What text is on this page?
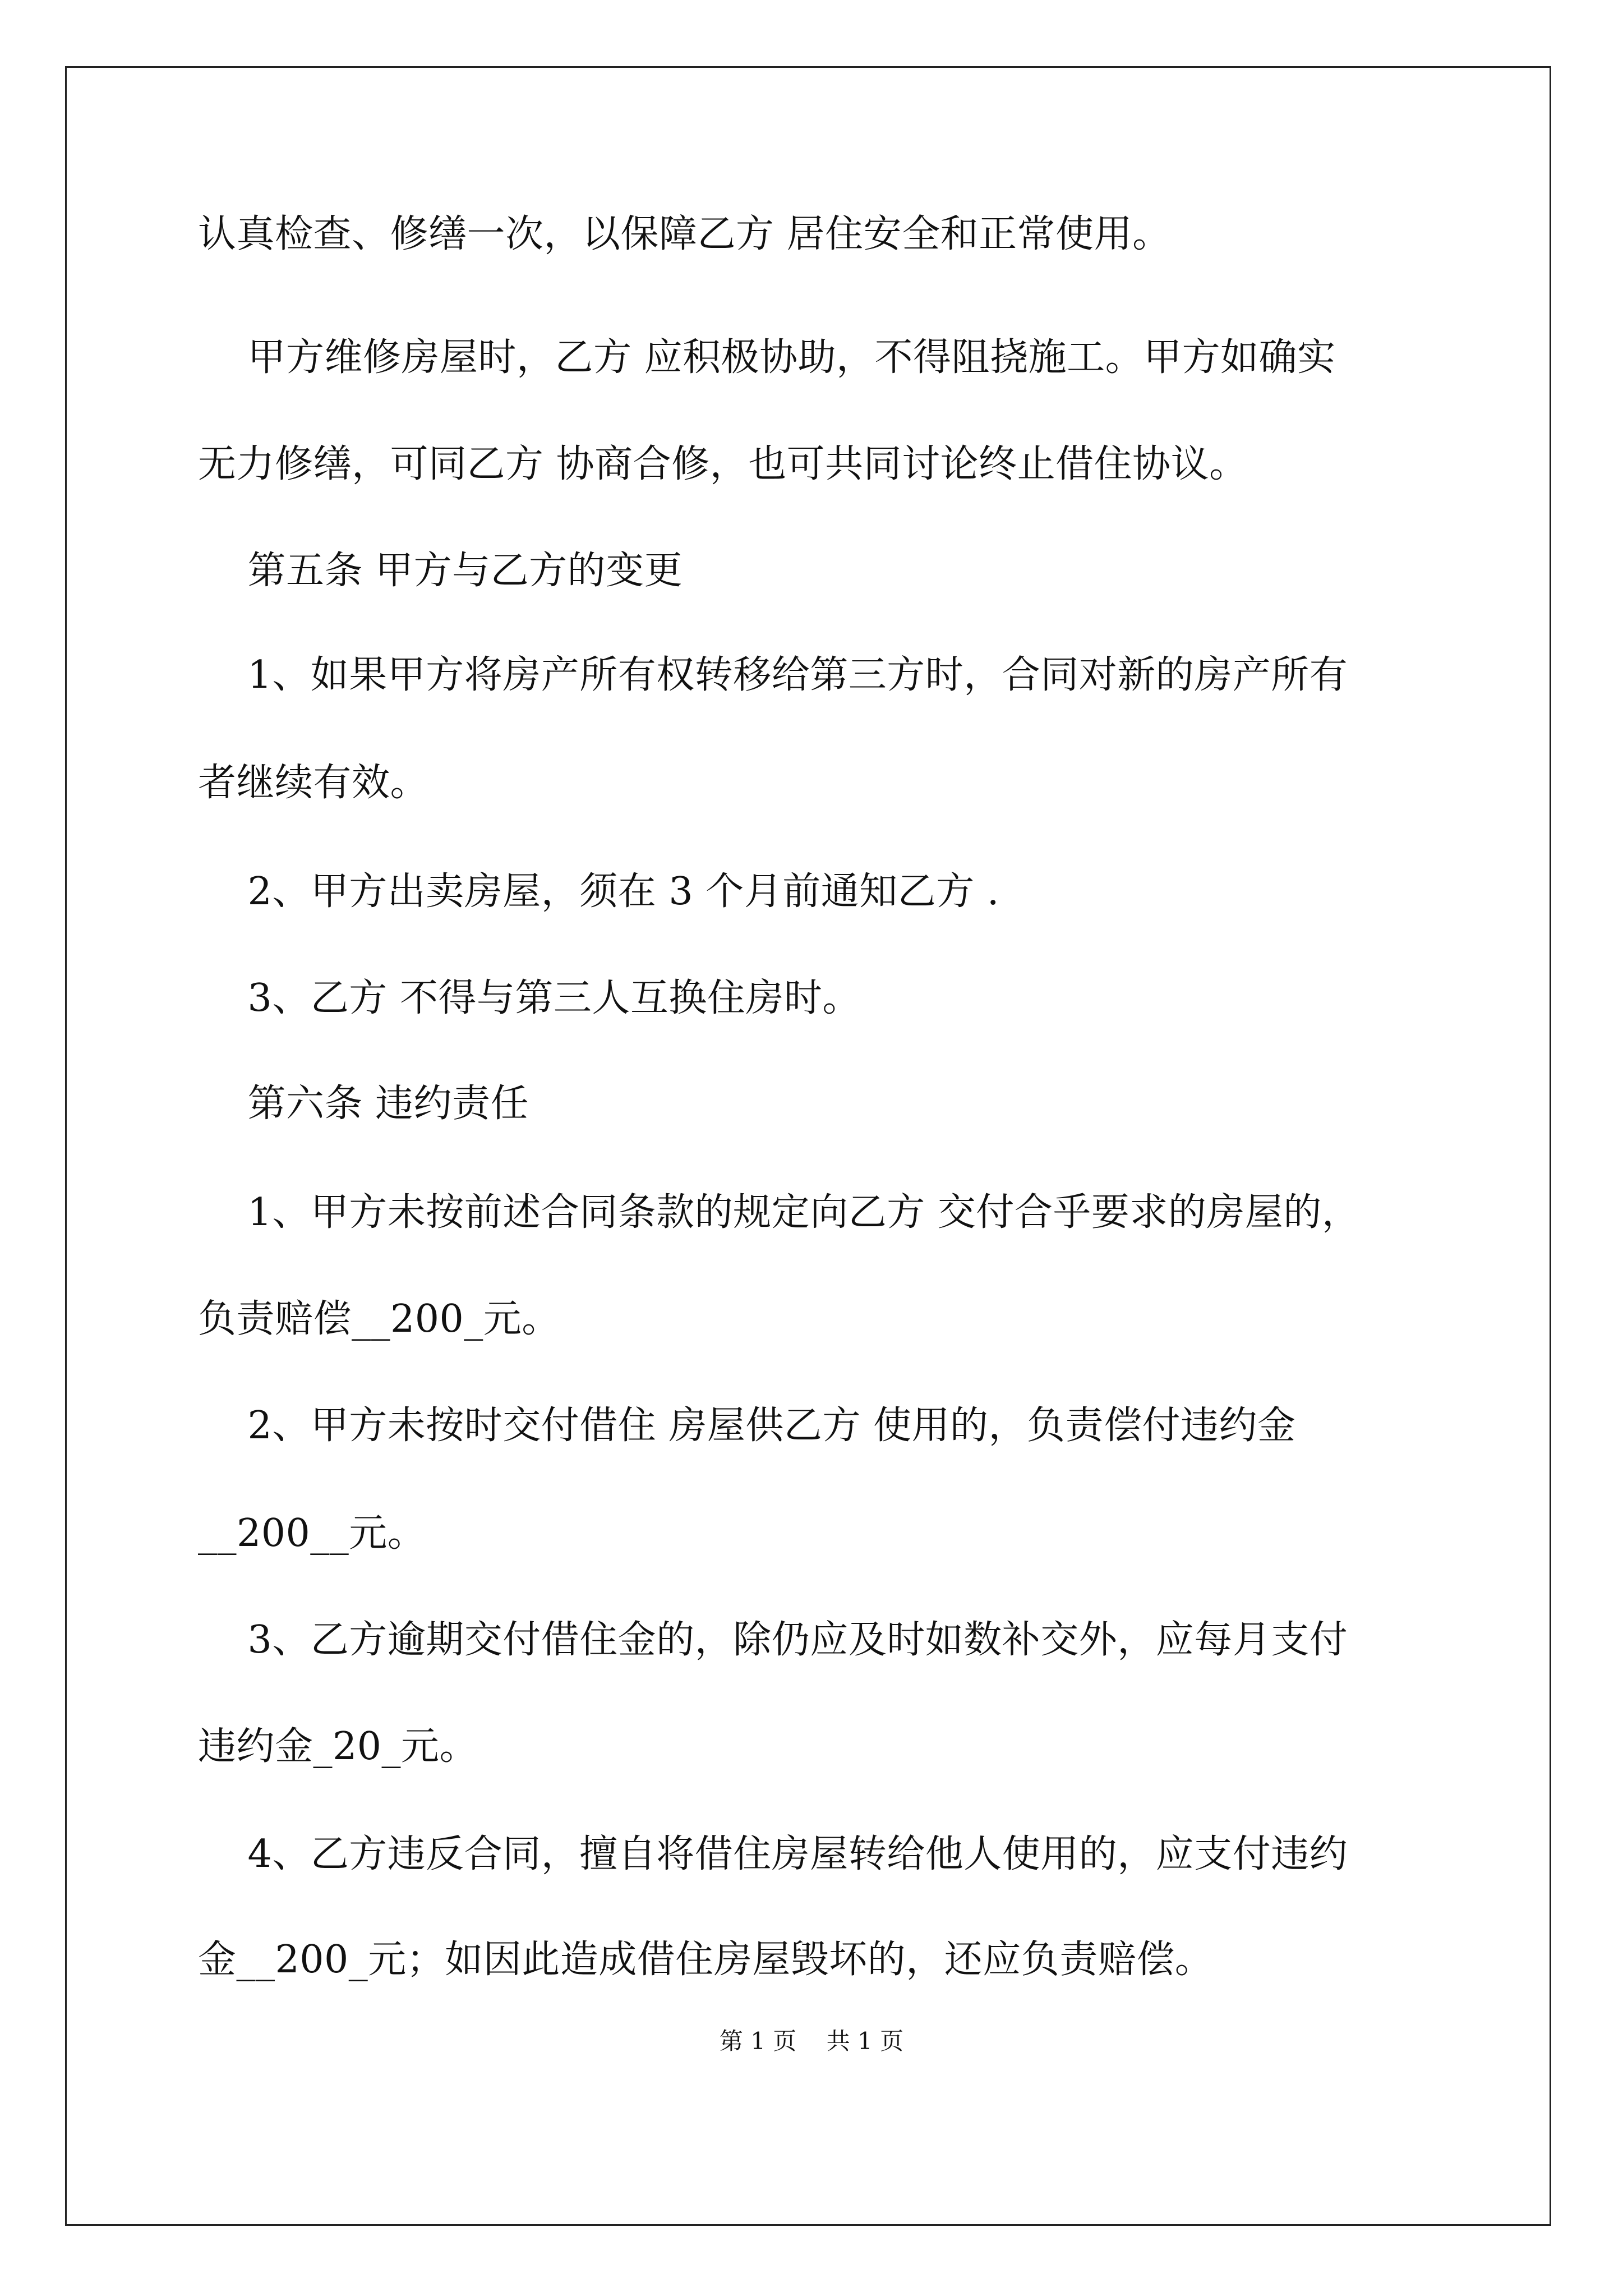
认真检查、修缮一次，以保障乙方 居住安全和正常使用。
甲方维修房屋时，乙方 应积极协助，不得阻挠施工。甲方如确实
无力修缮，可同乙方 协商合修，也可共同讨论终止借住协议。
第五条 甲方与乙方的变更
1、如果甲方将房产所有权转移给第三方时，合同对新的房产所有
者继续有效。
2、甲方出卖房屋，须在 3 个月前通知乙方 .
3、乙方 不得与第三人互换住房时。
第六条 违约责任
1、甲方未按前述合同条款的规定向乙方 交付合乎要求的房屋的，
负责赔偿__200_元。
2、甲方未按时交付借住 房屋供乙方 使用的，负责偿付违约金
__200__元。
3、乙方逾期交付借住金的，除仍应及时如数补交外，应每月支付
违约金_20_元。
4、乙方违反合同，擅自将借住房屋转给他人使用的，应支付违约
金__200_元；如因此造成借住房屋毁坏的，还应负责赔偿。
第 1 页    共 1 页
